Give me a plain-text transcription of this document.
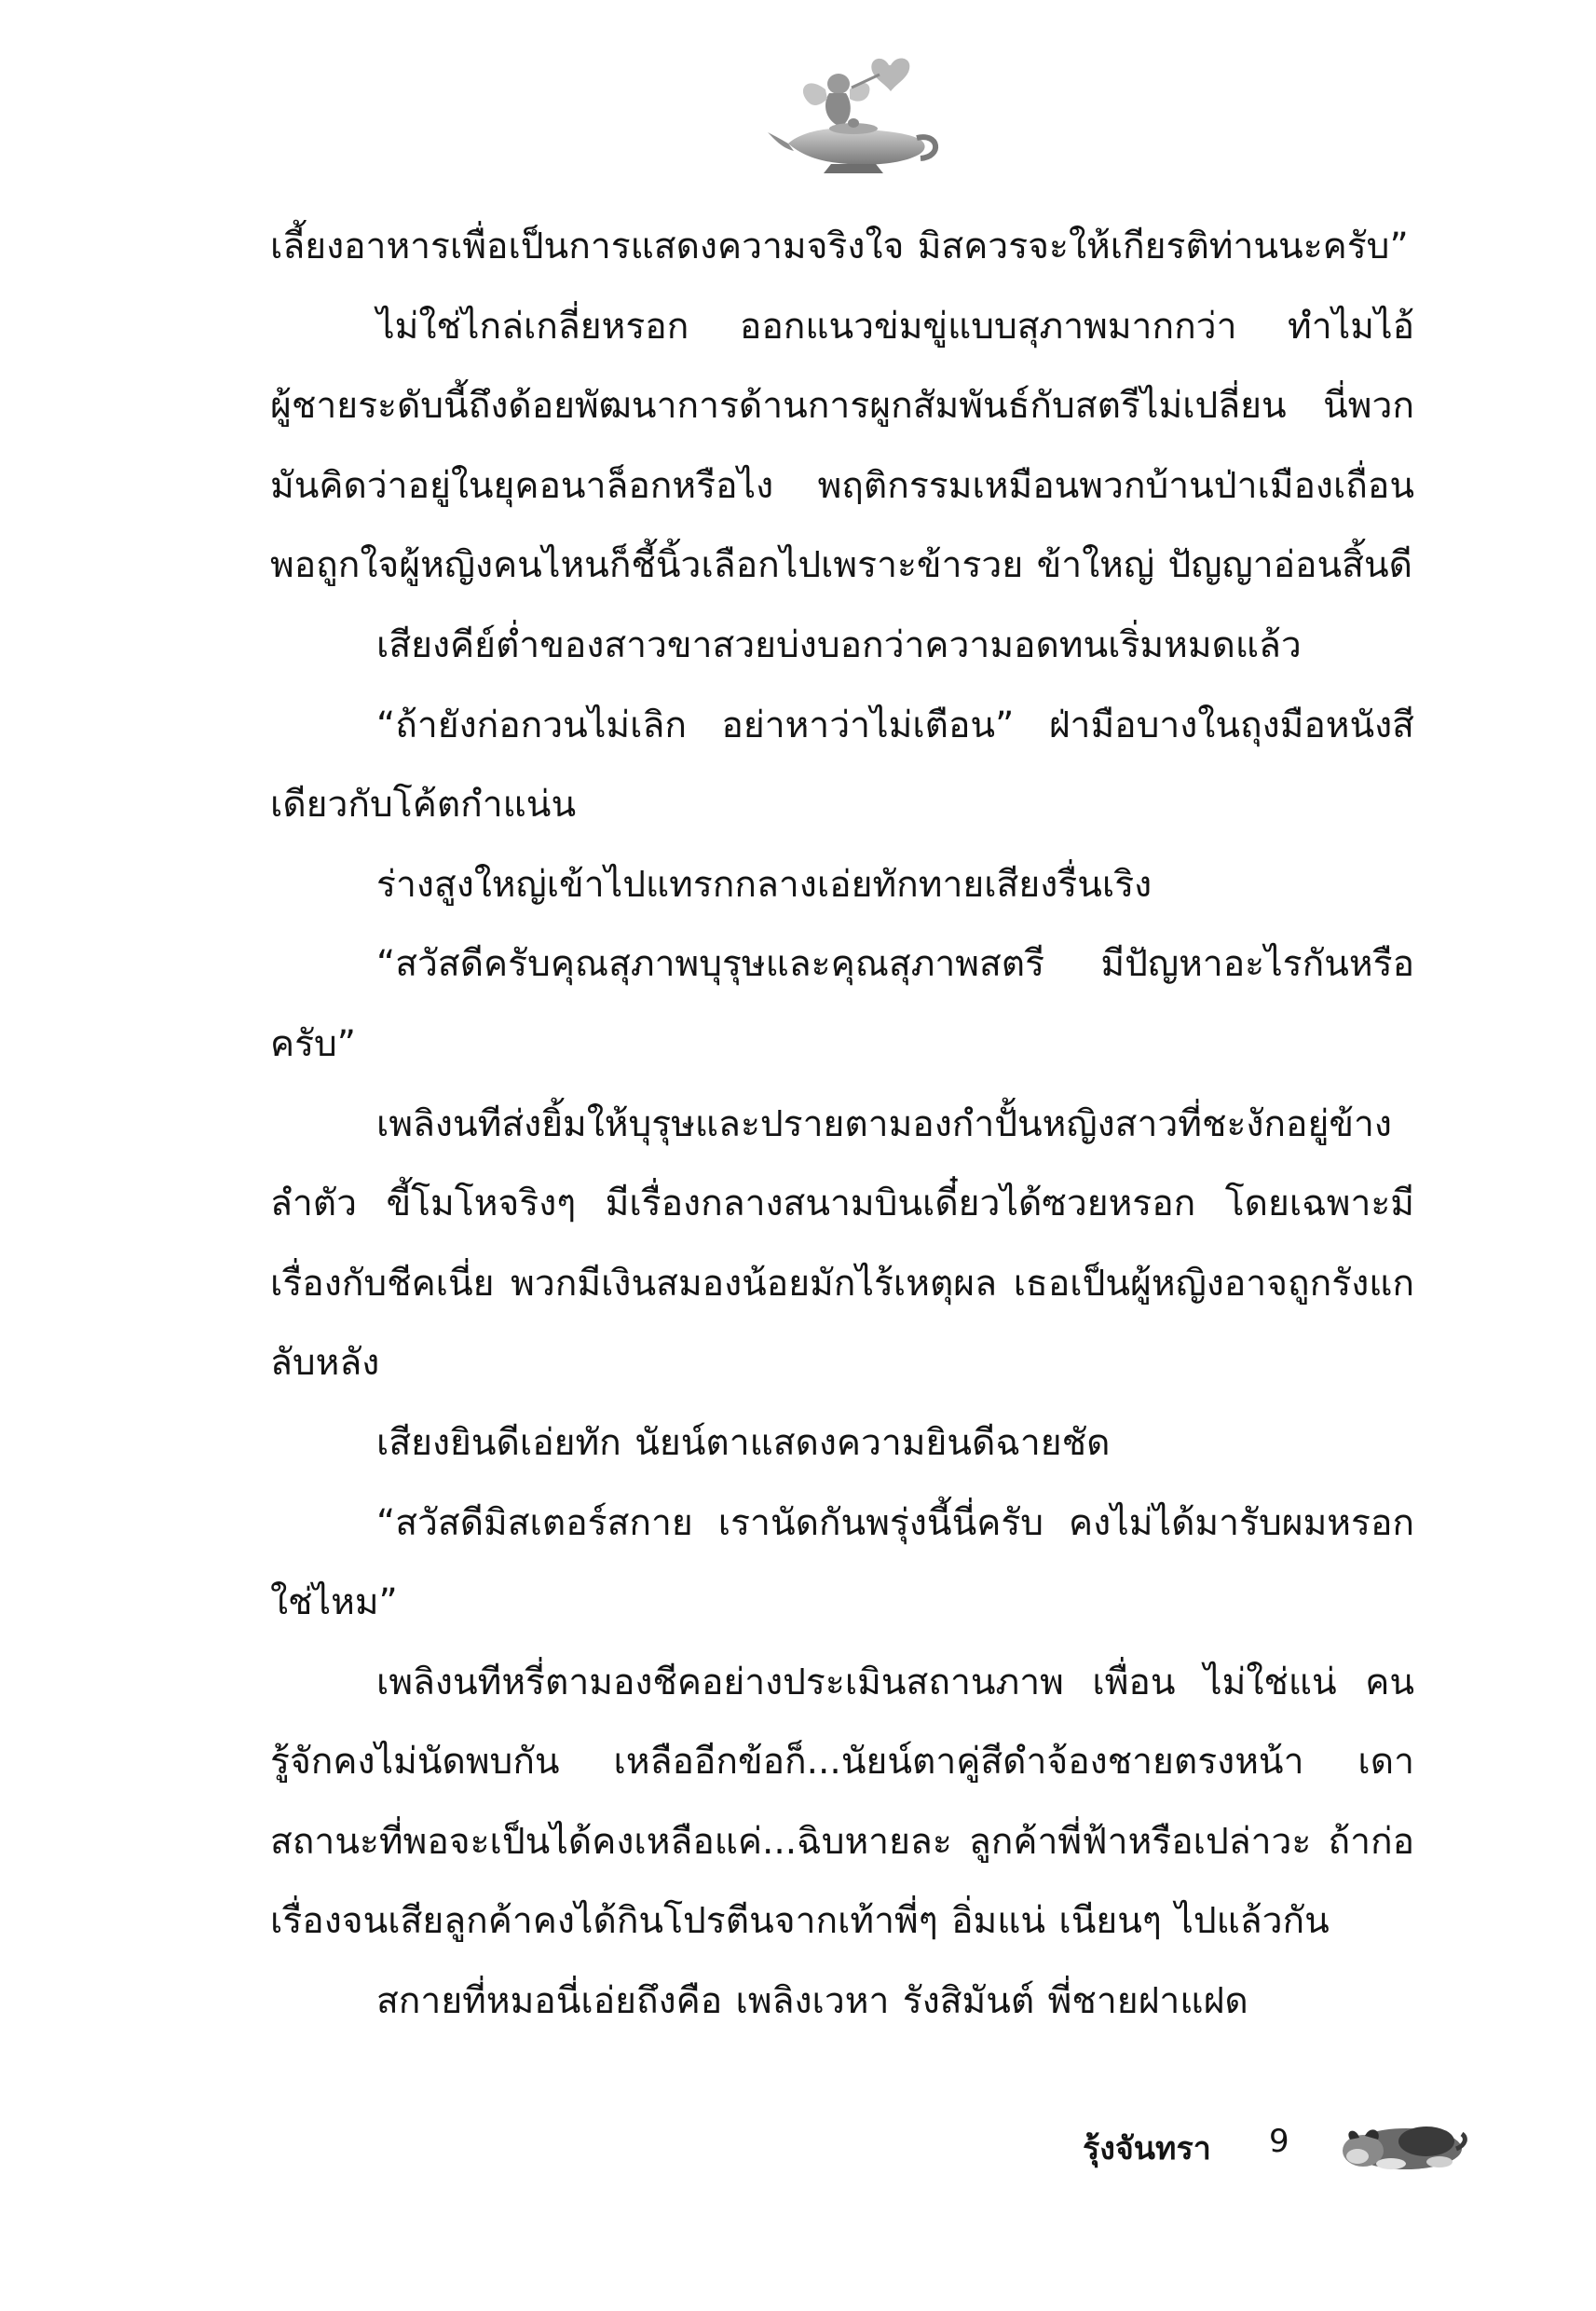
เลี้ยงอาหารเพื่อเป็นการแสดงความจริงใจ มิสควรจะให้เกียรติท่านนะครับ”

ไม่ใช่ไกล่เกลี่ยหรอก ออกแนวข่มขู่แบบสุภาพมากกว่า ทำไมไอ้ผู้ชายระดับนี้ถึงด้อยพัฒนาการด้านการผูกสัมพันธ์กับสตรีไม่เปลี่ยน นี่พวกมันคิดว่าอยู่ในยุคอนาล็อกหรือไง พฤติกรรมเหมือนพวกบ้านป่าเมืองเถื่อน พอถูกใจผู้หญิงคนไหนก็ชี้นิ้วเลือกไปเพราะข้ารวย ข้าใหญ่ ปัญญาอ่อนสิ้นดี

เสียงคีย์ต่ำของสาวขาสวยบ่งบอกว่าความอดทนเริ่มหมดแล้ว

“ถ้ายังก่อกวนไม่เลิก อย่าหาว่าไม่เตือน” ฝ่ามือบางในถุงมือหนังสีเดียวกับโค้ตกำแน่น

ร่างสูงใหญ่เข้าไปแทรกกลางเอ่ยทักทายเสียงรื่นเริง

“สวัสดีครับคุณสุภาพบุรุษและคุณสุภาพสตรี มีปัญหาอะไรกันหรือครับ”

เพลิงนทีส่งยิ้มให้บุรุษและปรายตามองกำปั้นหญิงสาวที่ชะงักอยู่ข้างลำตัว ขี้โมโหจริงๆ มีเรื่องกลางสนามบินเดี๋ยวได้ซวยหรอก โดยเฉพาะมีเรื่องกับชีคเนี่ย พวกมีเงินสมองน้อยมักไร้เหตุผล เธอเป็นผู้หญิงอาจถูกรังแกลับหลัง

เสียงยินดีเอ่ยทัก นัยน์ตาแสดงความยินดีฉายชัด

“สวัสดีมิสเตอร์สกาย เรานัดกันพรุ่งนี้นี่ครับ คงไม่ได้มารับผมหรอกใช่ไหม”

เพลิงนทีหรี่ตามองชีคอย่างประเมินสถานภาพ เพื่อน ไม่ใช่แน่ คนรู้จักคงไม่นัดพบกัน เหลืออีกข้อก็...นัยน์ตาคู่สีดำจ้องชายตรงหน้า เดาสถานะที่พอจะเป็นได้คงเหลือแค่...ฉิบหายละ ลูกค้าพี่ฟ้าหรือเปล่าวะ ถ้าก่อเรื่องจนเสียลูกค้าคงได้กินโปรตีนจากเท้าพี่ๆ อิ่มแน่ เนียนๆ ไปแล้วกัน

สกายที่หมอนี่เอ่ยถึงคือ เพลิงเวหา รังสิมันต์ พี่ชายฝาแฝด

รุ้งจันทรา 9
